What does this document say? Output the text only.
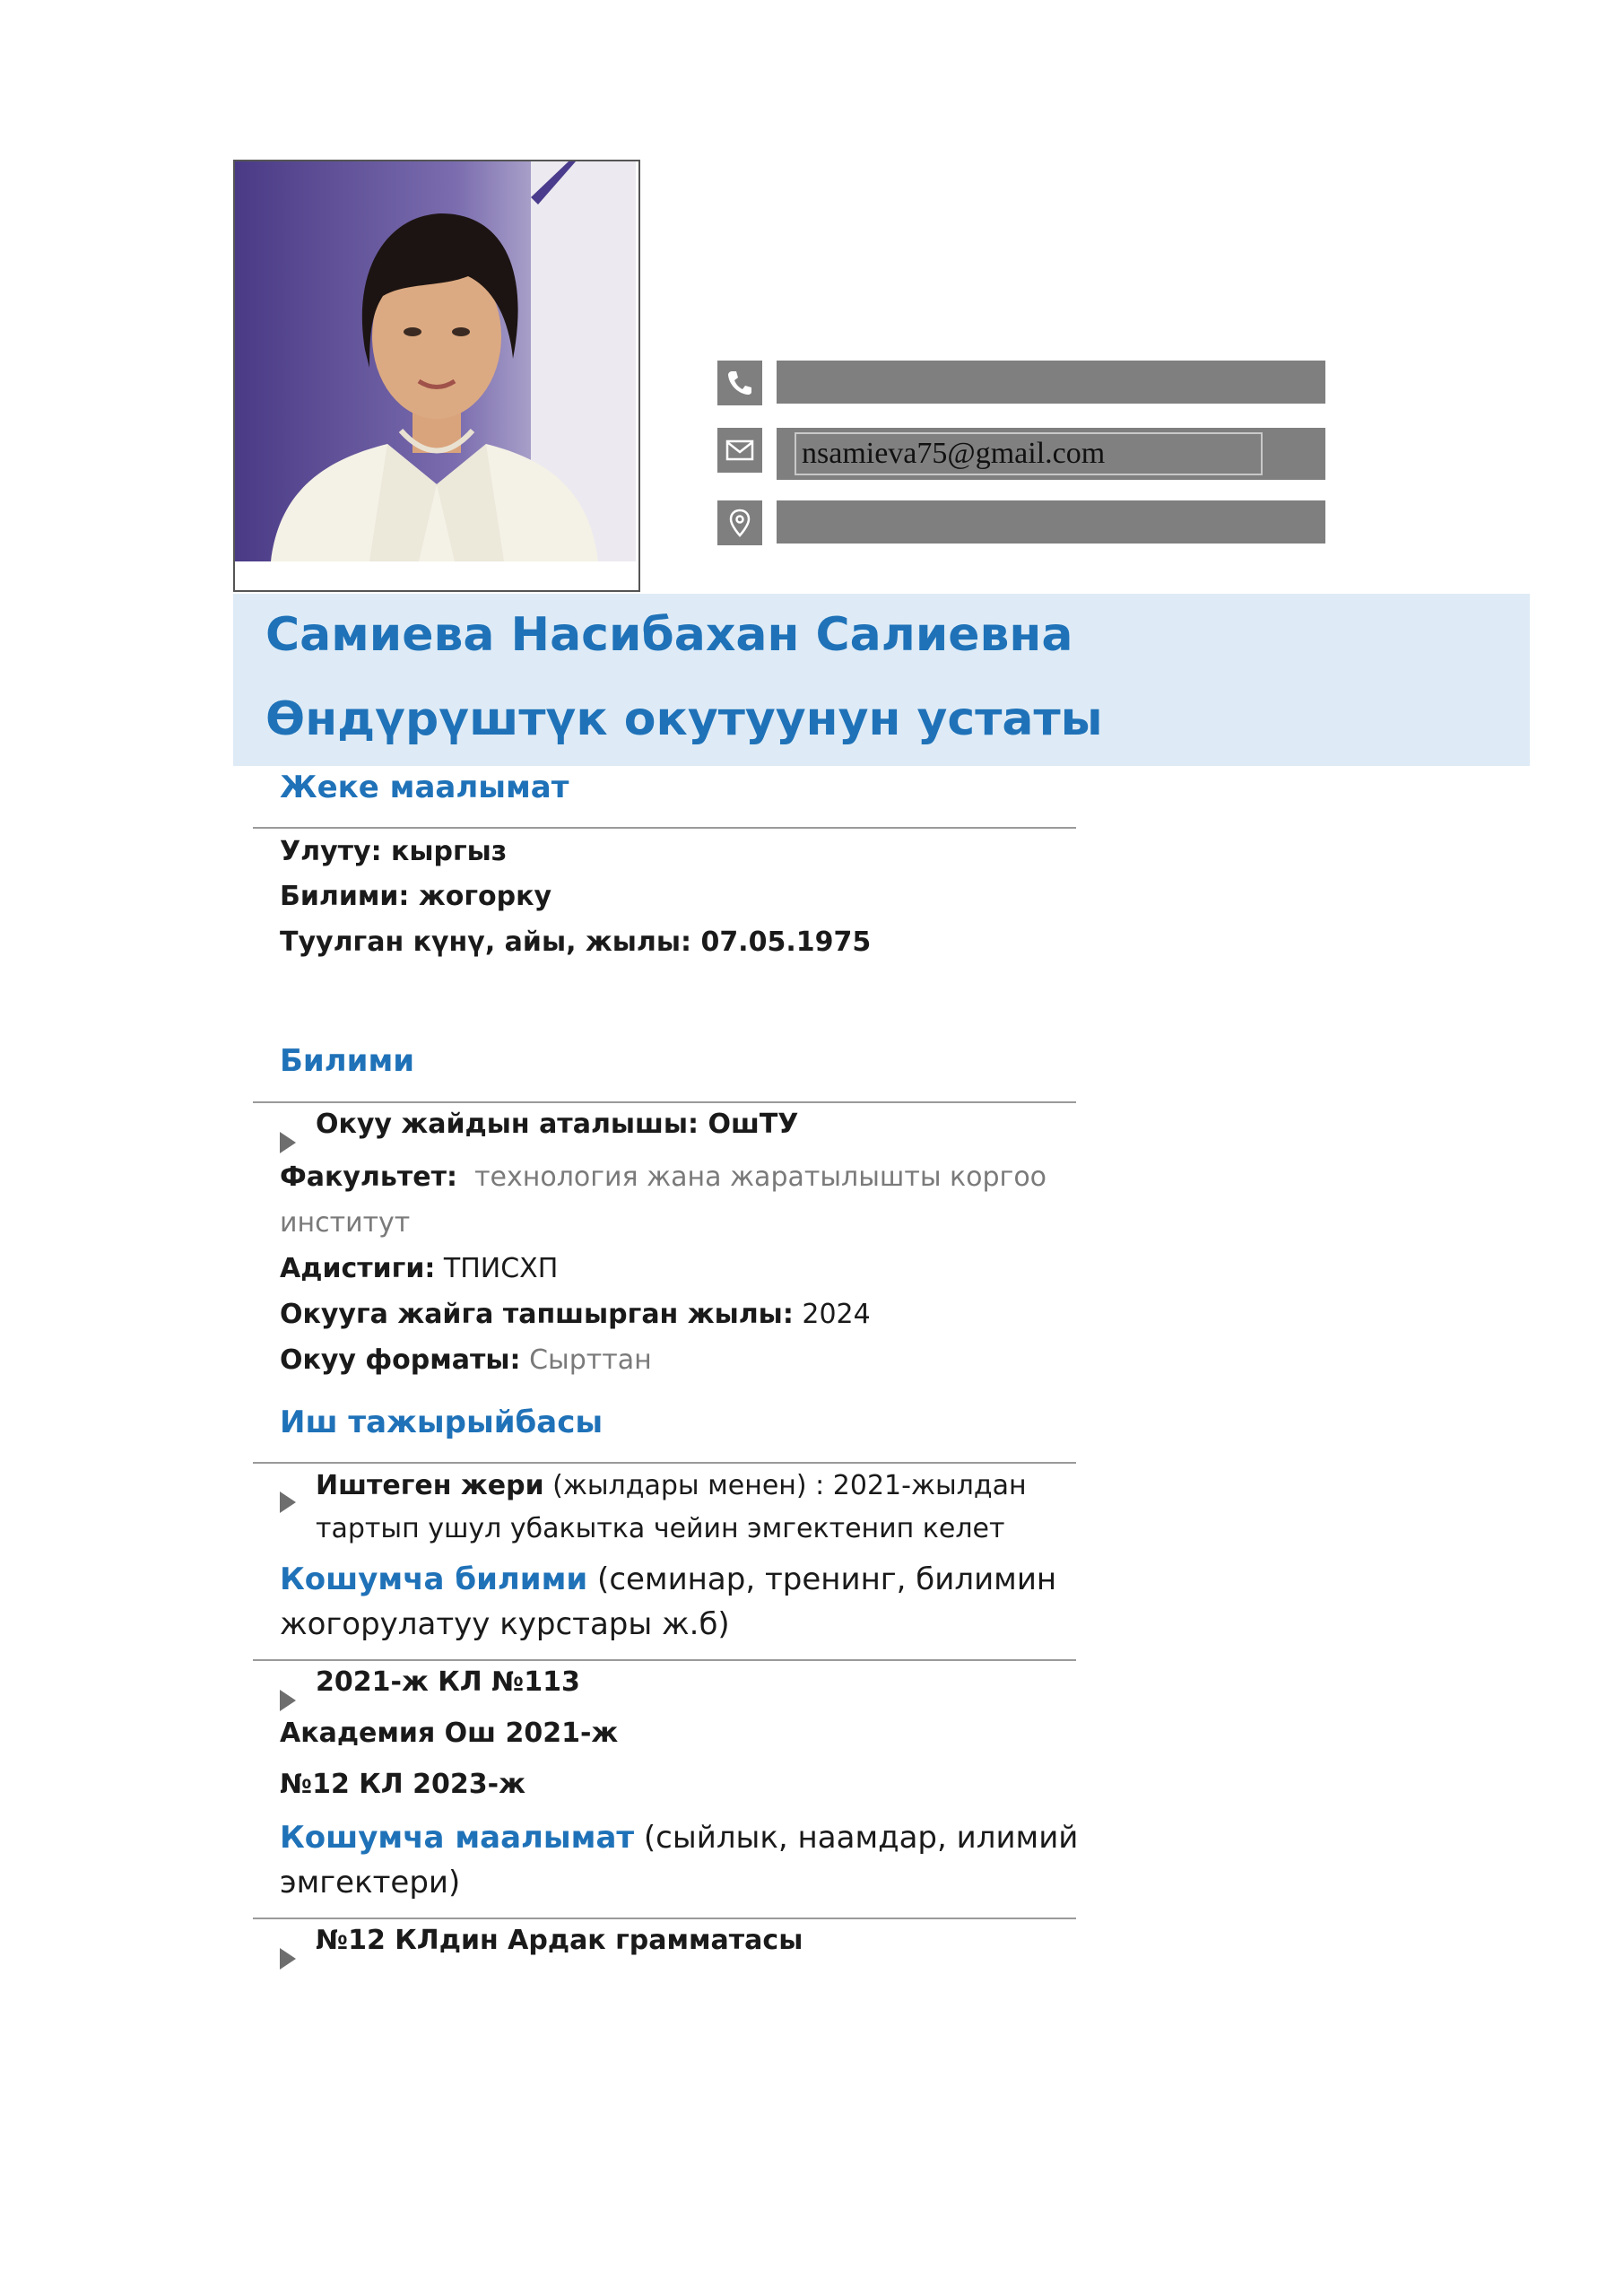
nsamieva75@gmail.com
Самиева Насибахан Салиевна
Өндүрүштүк окутуунун устаты
Жеке маалымат
Улуту: кыргыз
Билими: жогорку
Туулган күнү, айы, жылы: 07.05.1975
Билими
Окуу жайдын аталышы: ОшТУ
Факультет: технология жана жаратылышты коргоо
институт
Адистиги: ТПИСХП
Окууга жайга тапшырган жылы: 2024
Окуу форматы: Сырттан
Иш тажырыйбасы
Иштеген жери (жылдары менен) : 2021-жылдан
тартып ушул убакытка чейин эмгектенип келет
Кошумча билими (семинар, тренинг, билимин
жогорулатуу курстары ж.б)
2021-ж КЛ №113
Академия Ош 2021-ж
№12 КЛ 2023-ж
Кошумча маалымат (сыйлык, наамдар, илимий
эмгектери)
№12 КЛдин Ардак грамматасы
